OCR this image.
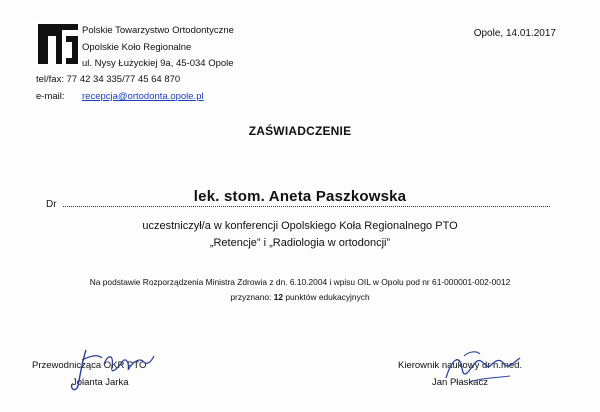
Polskie Towarzystwo Ortodontyczne
Opolskie Koło Regionalne
ul. Nysy Łużyckiej 9a, 45-034 Opole
tel/fax: 77 42 34 335/77 45 64 870
e-mail: recepcja@ortodonta.opole.pl
Opole, 14.01.2017
ZAŚWIADCZENIE
Dr	lek. stom. Aneta Paszkowska
uczestniczył/a w konferencji Opolskiego Koła Regionalnego PTO
„Retencje” i „Radiologia w ortodoncji”
Na podstawie Rozporządzenia Ministra Zdrowia z dn. 6.10.2004 i wpisu OIL w Opolu pod nr 61-000001-002-0012
przyznano: 12 punktów edukacyjnych
Przewodnicząca OKR PTO
Jolanta Jarka
Kierownik naukowy dr n.med.
Jan Płaskacz
